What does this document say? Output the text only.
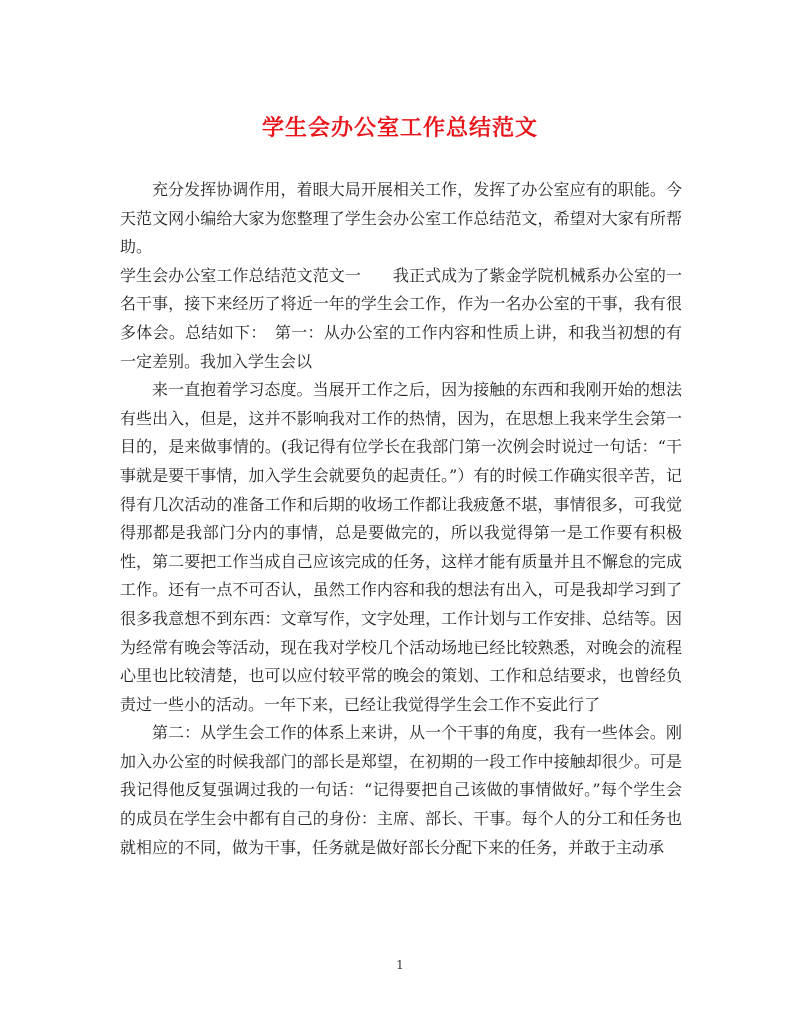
学生会办公室工作总结范文

充分发挥协调作用，着眼大局开展相关工作，发挥了办公室应有的职能。今天范文网小编给大家为您整理了学生会办公室工作总结范文，希望对大家有所帮助。

学生会办公室工作总结范文范文一　　我正式成为了紫金学院机械系办公室的一名干事，接下来经历了将近一年的学生会工作，作为一名办公室的干事，我有很多体会。总结如下：　第一：从办公室的工作内容和性质上讲，和我当初想的有一定差别。我加入学生会以

来一直抱着学习态度。当展开工作之后，因为接触的东西和我刚开始的想法有些出入，但是，这并不影响我对工作的热情，因为，在思想上我来学生会第一目的，是来做事情的。(我记得有位学长在我部门第一次例会时说过一句话：“干事就是要干事情，加入学生会就要负的起责任。”）有的时候工作确实很辛苦，记得有几次活动的准备工作和后期的收场工作都让我疲惫不堪，事情很多，可我觉得那都是我部门分内的事情，总是要做完的，所以我觉得第一是工作要有积极性，第二要把工作当成自己应该完成的任务，这样才能有质量并且不懈怠的完成工作。还有一点不可否认，虽然工作内容和我的想法有出入，可是我却学习到了很多我意想不到东西：文章写作，文字处理，工作计划与工作安排、总结等。因为经常有晚会等活动，现在我对学校几个活动场地已经比较熟悉，对晚会的流程心里也比较清楚，也可以应付较平常的晚会的策划、工作和总结要求，也曾经负责过一些小的活动。一年下来，已经让我觉得学生会工作不妄此行了

第二：从学生会工作的体系上来讲，从一个干事的角度，我有一些体会。刚加入办公室的时候我部门的部长是郑望，在初期的一段工作中接触却很少。可是我记得他反复强调过我的一句话：“记得要把自己该做的事情做好。”每个学生会的成员在学生会中都有自己的身份：主席、部长、干事。每个人的分工和任务也就相应的不同，做为干事，任务就是做好部长分配下来的任务，并敢于主动承

1
